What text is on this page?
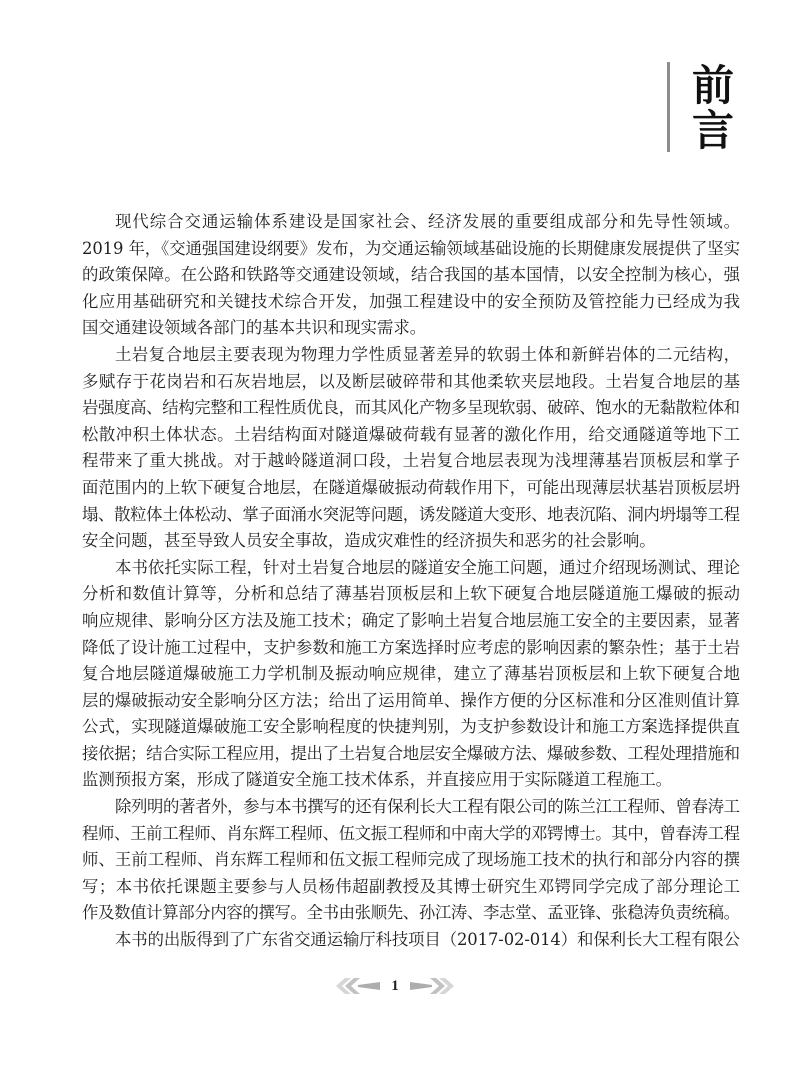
前言
现代综合交通运输体系建设是国家社会、经济发展的重要组成部分和先导性领域。
2019 年，《交通强国建设纲要》发布，为交通运输领域基础设施的长期健康发展提供了坚实
的政策保障。在公路和铁路等交通建设领域，结合我国的基本国情，以安全控制为核心，强
化应用基础研究和关键技术综合开发，加强工程建设中的安全预防及管控能力已经成为我
国交通建设领域各部门的基本共识和现实需求。
土岩复合地层主要表现为物理力学性质显著差异的软弱土体和新鲜岩体的二元结构，
多赋存于花岗岩和石灰岩地层，以及断层破碎带和其他柔软夹层地段。土岩复合地层的基
岩强度高、结构完整和工程性质优良，而其风化产物多呈现软弱、破碎、饱水的无黏散粒体和
松散冲积土体状态。土岩结构面对隧道爆破荷载有显著的激化作用，给交通隧道等地下工
程带来了重大挑战。对于越岭隧道洞口段，土岩复合地层表现为浅埋薄基岩顶板层和掌子
面范围内的上软下硬复合地层，在隧道爆破振动荷载作用下，可能出现薄层状基岩顶板层坍
塌、散粒体土体松动、掌子面涌水突泥等问题，诱发隧道大变形、地表沉陷、洞内坍塌等工程
安全问题，甚至导致人员安全事故，造成灾难性的经济损失和恶劣的社会影响。
本书依托实际工程，针对土岩复合地层的隧道安全施工问题，通过介绍现场测试、理论
分析和数值计算等，分析和总结了薄基岩顶板层和上软下硬复合地层隧道施工爆破的振动
响应规律、影响分区方法及施工技术；确定了影响土岩复合地层施工安全的主要因素，显著
降低了设计施工过程中，支护参数和施工方案选择时应考虑的影响因素的繁杂性；基于土岩
复合地层隧道爆破施工力学机制及振动响应规律，建立了薄基岩顶板层和上软下硬复合地
层的爆破振动安全影响分区方法；给出了运用简单、操作方便的分区标准和分区准则值计算
公式，实现隧道爆破施工安全影响程度的快捷判别，为支护参数设计和施工方案选择提供直
接依据；结合实际工程应用，提出了土岩复合地层安全爆破方法、爆破参数、工程处理措施和
监测预报方案，形成了隧道安全施工技术体系，并直接应用于实际隧道工程施工。
除列明的著者外，参与本书撰写的还有保利长大工程有限公司的陈兰江工程师、曾春涛工
程师、王前工程师、肖东辉工程师、伍文振工程师和中南大学的邓锷博士。其中，曾春涛工程
师、王前工程师、肖东辉工程师和伍文振工程师完成了现场施工技术的执行和部分内容的撰
写；本书依托课题主要参与人员杨伟超副教授及其博士研究生邓锷同学完成了部分理论工
作及数值计算部分内容的撰写。全书由张顺先、孙江涛、李志堂、孟亚锋、张稳涛负责统稿。
本书的出版得到了广东省交通运输厅科技项目（2017-02-014）和保利长大工程有限公
1
